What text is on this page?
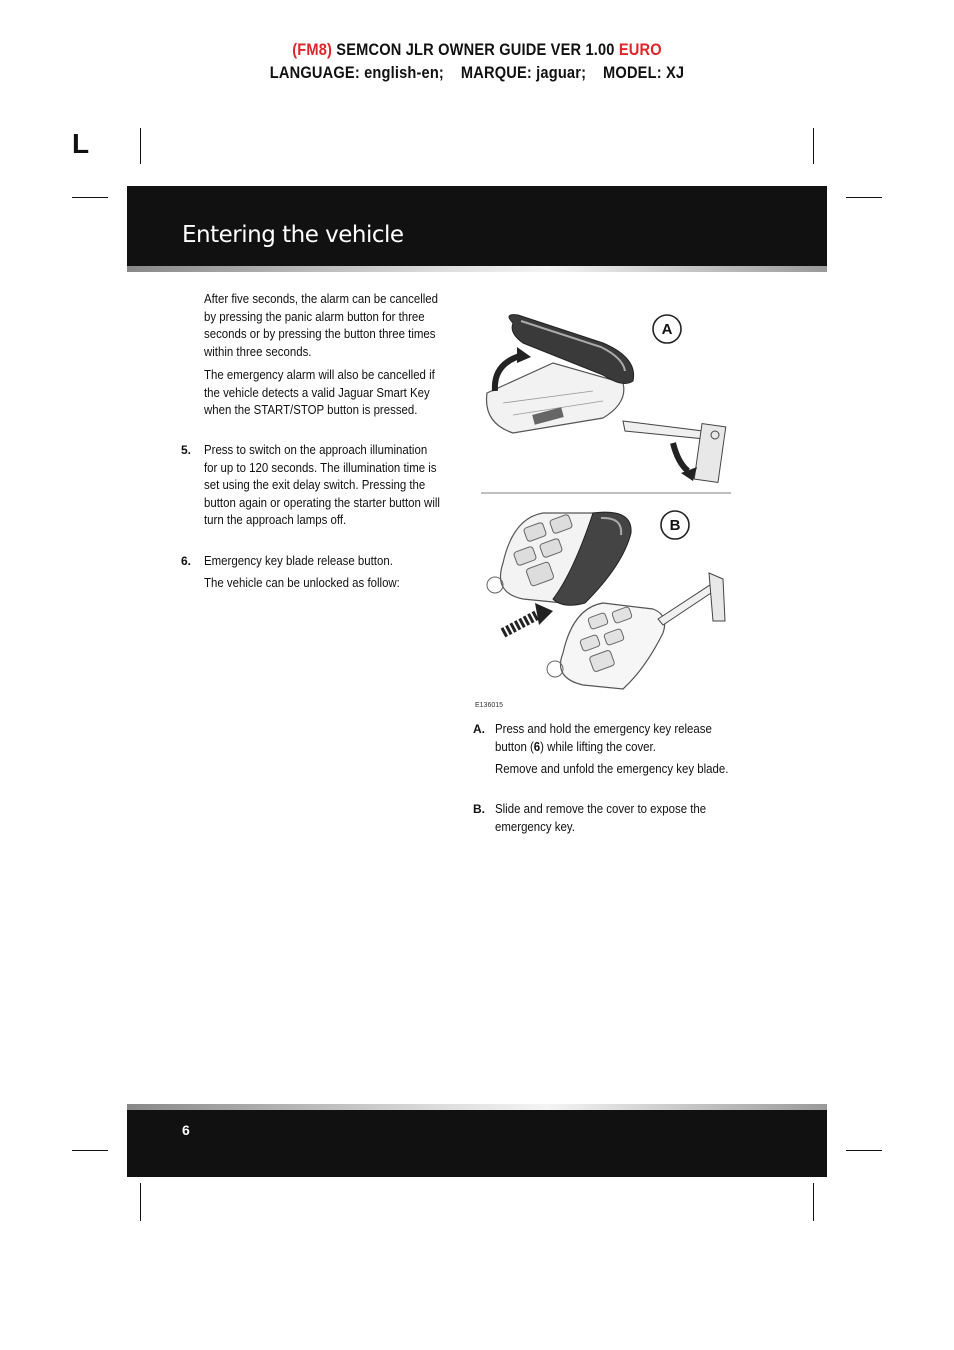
(FM8) SEMCON JLR OWNER GUIDE VER 1.00 EURO
LANGUAGE: english-en;    MARQUE: jaguar;    MODEL: XJ
L
Entering the vehicle
After five seconds, the alarm can be cancelled by pressing the panic alarm button for three seconds or by pressing the button three times within three seconds.
The emergency alarm will also be cancelled if the vehicle detects a valid Jaguar Smart Key when the START/STOP button is pressed.
5. Press to switch on the approach illumination for up to 120 seconds. The illumination time is set using the exit delay switch. Pressing the button again or operating the starter button will turn the approach lamps off.
6. Emergency key blade release button.
The vehicle can be unlocked as follow:
A
B
E136015
A. Press and hold the emergency key release button (6) while lifting the cover.
Remove and unfold the emergency key blade.
B. Slide and remove the cover to expose the emergency key.
6
